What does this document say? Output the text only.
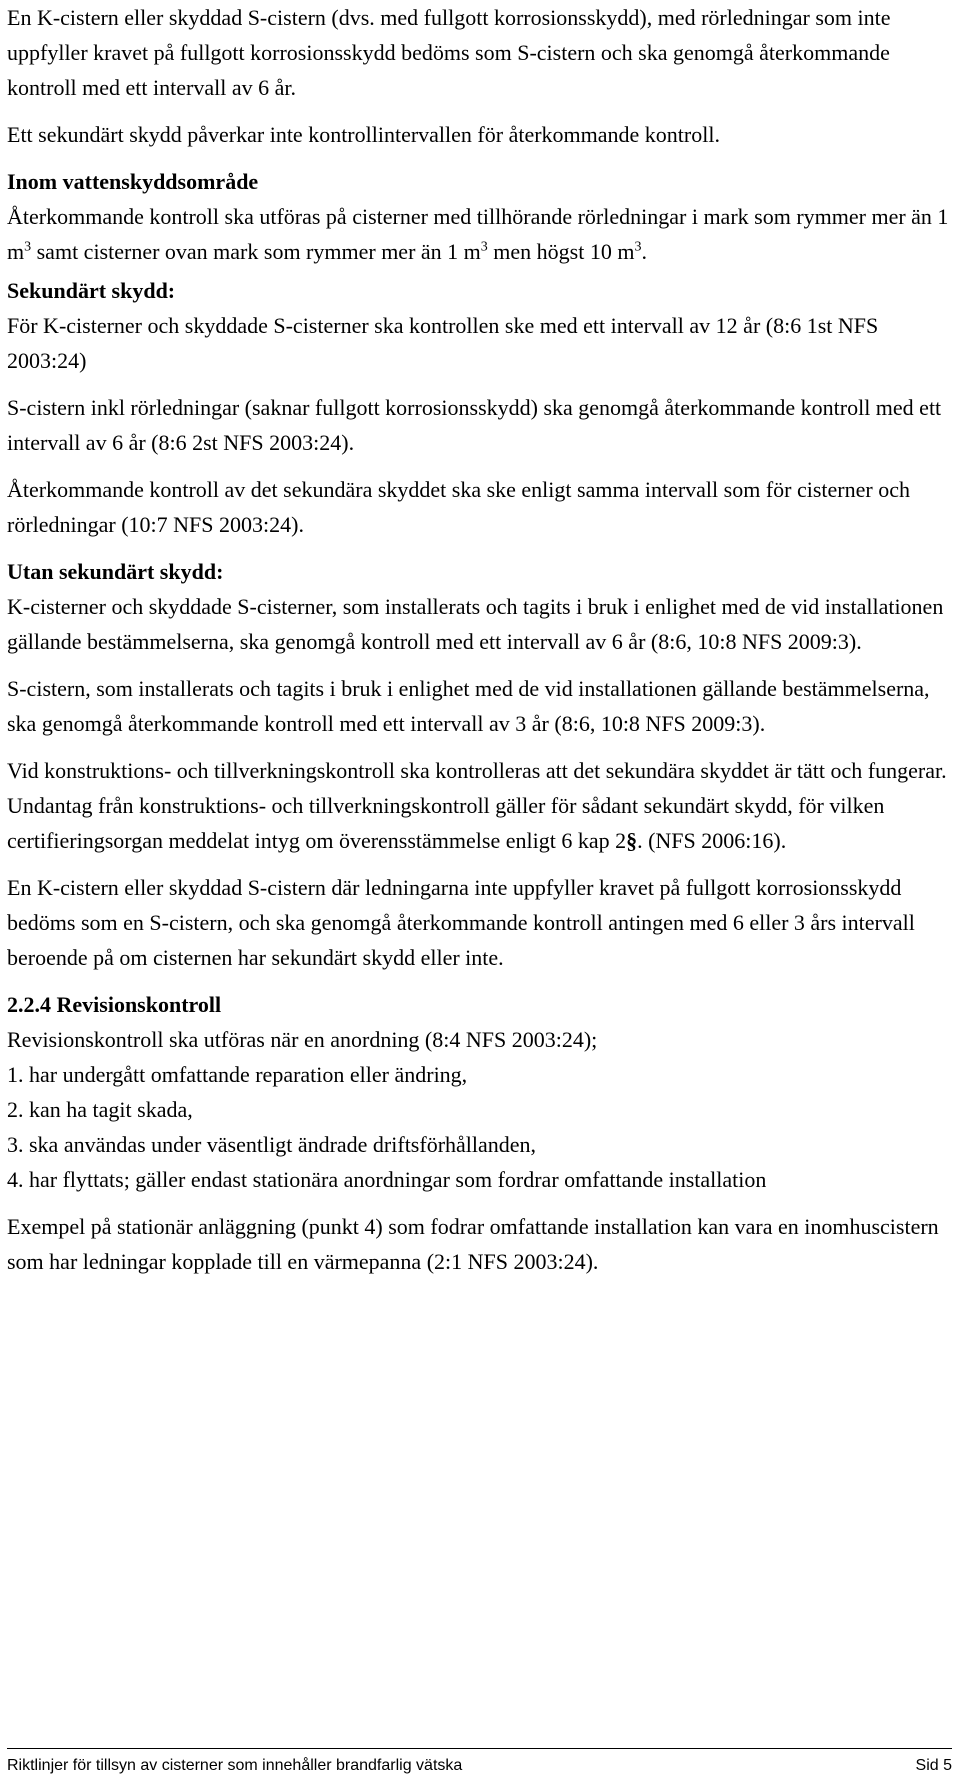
En K-cistern eller skyddad S-cistern (dvs. med fullgott korrosionsskydd), med rörledningar som inte uppfyller kravet på fullgott korrosionsskydd bedöms som S-cistern och ska genomgå återkommande kontroll med ett intervall av 6 år.

Ett sekundärt skydd påverkar inte kontrollintervallen för återkommande kontroll.

Inom vattenskyddsområde

Återkommande kontroll ska utföras på cisterner med tillhörande rörledningar i mark som rymmer mer än 1 $m^3$ samt cisterner ovan mark som rymmer mer än 1 $m^3$ men högst 10 $m^3$.

Sekundärt skydd:

För K-cisterner och skyddade S-cisterner ska kontrollen ske med ett intervall av 12 år (8:6 1st NFS 2003:24)

S-cistern inkl rörledningar (saknar fullgott korrosionsskydd) ska genomgå återkommande kontroll med ett intervall av 6 år (8:6 2st NFS 2003:24).

Återkommande kontroll av det sekundära skyddet ska ske enligt samma intervall som för cisterner och rörledningar (10:7 NFS 2003:24).

Utan sekundärt skydd:

K-cisterner och skyddade S-cisterner, som installerats och tagits i bruk i enlighet med de vid installationen gällande bestämmelserna, ska genomgå kontroll med ett intervall av 6 år (8:6, 10:8 NFS 2009:3).

S-cistern, som installerats och tagits i bruk i enlighet med de vid installationen gällande bestämmelserna, ska genomgå återkommande kontroll med ett intervall av 3 år (8:6, 10:8 NFS 2009:3).

Vid konstruktions- och tillverkningskontroll ska kontrolleras att det sekundära skyddet är tätt och fungerar. Undantag från konstruktions- och tillverkningskontroll gäller för sådant sekundärt skydd, för vilken certifieringsorgan meddelat intyg om överensstämmelse enligt 6 kap 2§. (NFS 2006:16).

En K-cistern eller skyddad S-cistern där ledningarna inte uppfyller kravet på fullgott korrosionsskydd bedöms som en S-cistern, och ska genomgå återkommande kontroll antingen med 6 eller 3 års intervall beroende på om cisternen har sekundärt skydd eller inte.

2.2.4 Revisionskontroll

Revisionskontroll ska utföras när en anordning (8:4 NFS 2003:24);

1. har undergått omfattande reparation eller ändring,
2. kan ha tagit skada,
3. ska användas under väsentligt ändrade driftsförhållanden,
4. har flyttats; gäller endast stationära anordningar som fordrar omfattande installation

Exempel på stationär anläggning (punkt 4) som fodrar omfattande installation kan vara en inomhuscistern som har ledningar kopplade till en värmepanna (2:1 NFS 2003:24).

Riktlinjer för tillsyn av cisterner som innehåller brandfarlig vätska	Sid 5
